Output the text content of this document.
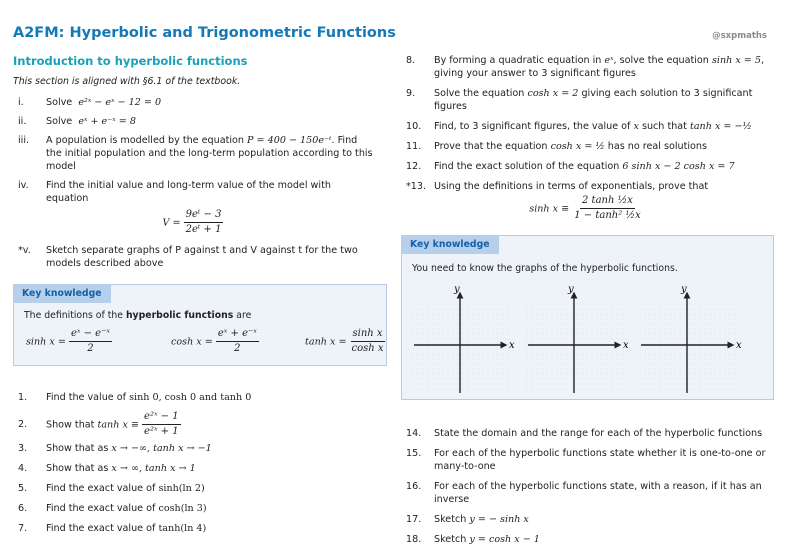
A2FM: Hyperbolic and Trigonometric Functions	@sxpmaths
Introduction to hyperbolic functions
This section is aligned with §6.1 of the textbook.
i.	Solve e²ˣ − eˣ − 12 = 0
ii.	Solve eˣ + e⁻ˣ = 8
iii.	A population is modelled by the equation P = 400 − 150e⁻ᵗ. Find the initial population and the long-term population according to this model
iv.	Find the initial value and long-term value of the model with equation
$V = \frac{\text{9eᵗ − 3}}{\text{2eᵗ + 1}}$
*v.	Sketch separate graphs of P against t and V against t for the two models described above
Key knowledge
The definitions of the hyperbolic functions are
$\sinh x = \frac{\text{eˣ − e⁻ˣ}}{2}$	$\cosh x = \frac{\text{eˣ + e⁻ˣ}}{2}$	$\tanh x = \frac{\text{sinh x}}{\text{cosh x}}$
1.	Find the value of sinh 0, cosh 0 and tanh 0
2.	Show that $\tanh x \equiv \frac{\text{e²ˣ − 1}}{\text{e²ˣ + 1}}$
3.	Show that as x → −∞, tanh x → −1
4.	Show that as x → ∞, tanh x → 1
5.	Find the exact value of sinh(ln 2)
6.	Find the exact value of cosh(ln 3)
7.	Find the exact value of tanh(ln 4)
8.	By forming a quadratic equation in eˣ, solve the equation sinh x = 5, giving your answer to 3 significant figures
9.	Solve the equation cosh x = 2 giving each solution to 3 significant figures
10.	Find, to 3 significant figures, the value of x such that tanh x = −½
11.	Prove that the equation cosh x = ½ has no real solutions
12.	Find the exact solution of the equation 6 sinh x − 2 cosh x = 7
*13. Using the definitions in terms of exponentials, prove that
$\sinh x \equiv \frac{\text{2 tanh ½x}}{\text{1 − tanh² ½x}}$
Key knowledge
You need to know the graphs of the hyperbolic functions.
x
y
x
y
x
y
14.	State the domain and the range for each of the hyperbolic functions
15.	For each of the hyperbolic functions state whether it is one-to-one or many-to-one
16.	For each of the hyperbolic functions state, with a reason, if it has an inverse
17.	Sketch y = − sinh x
18.	Sketch y = cosh x − 1
